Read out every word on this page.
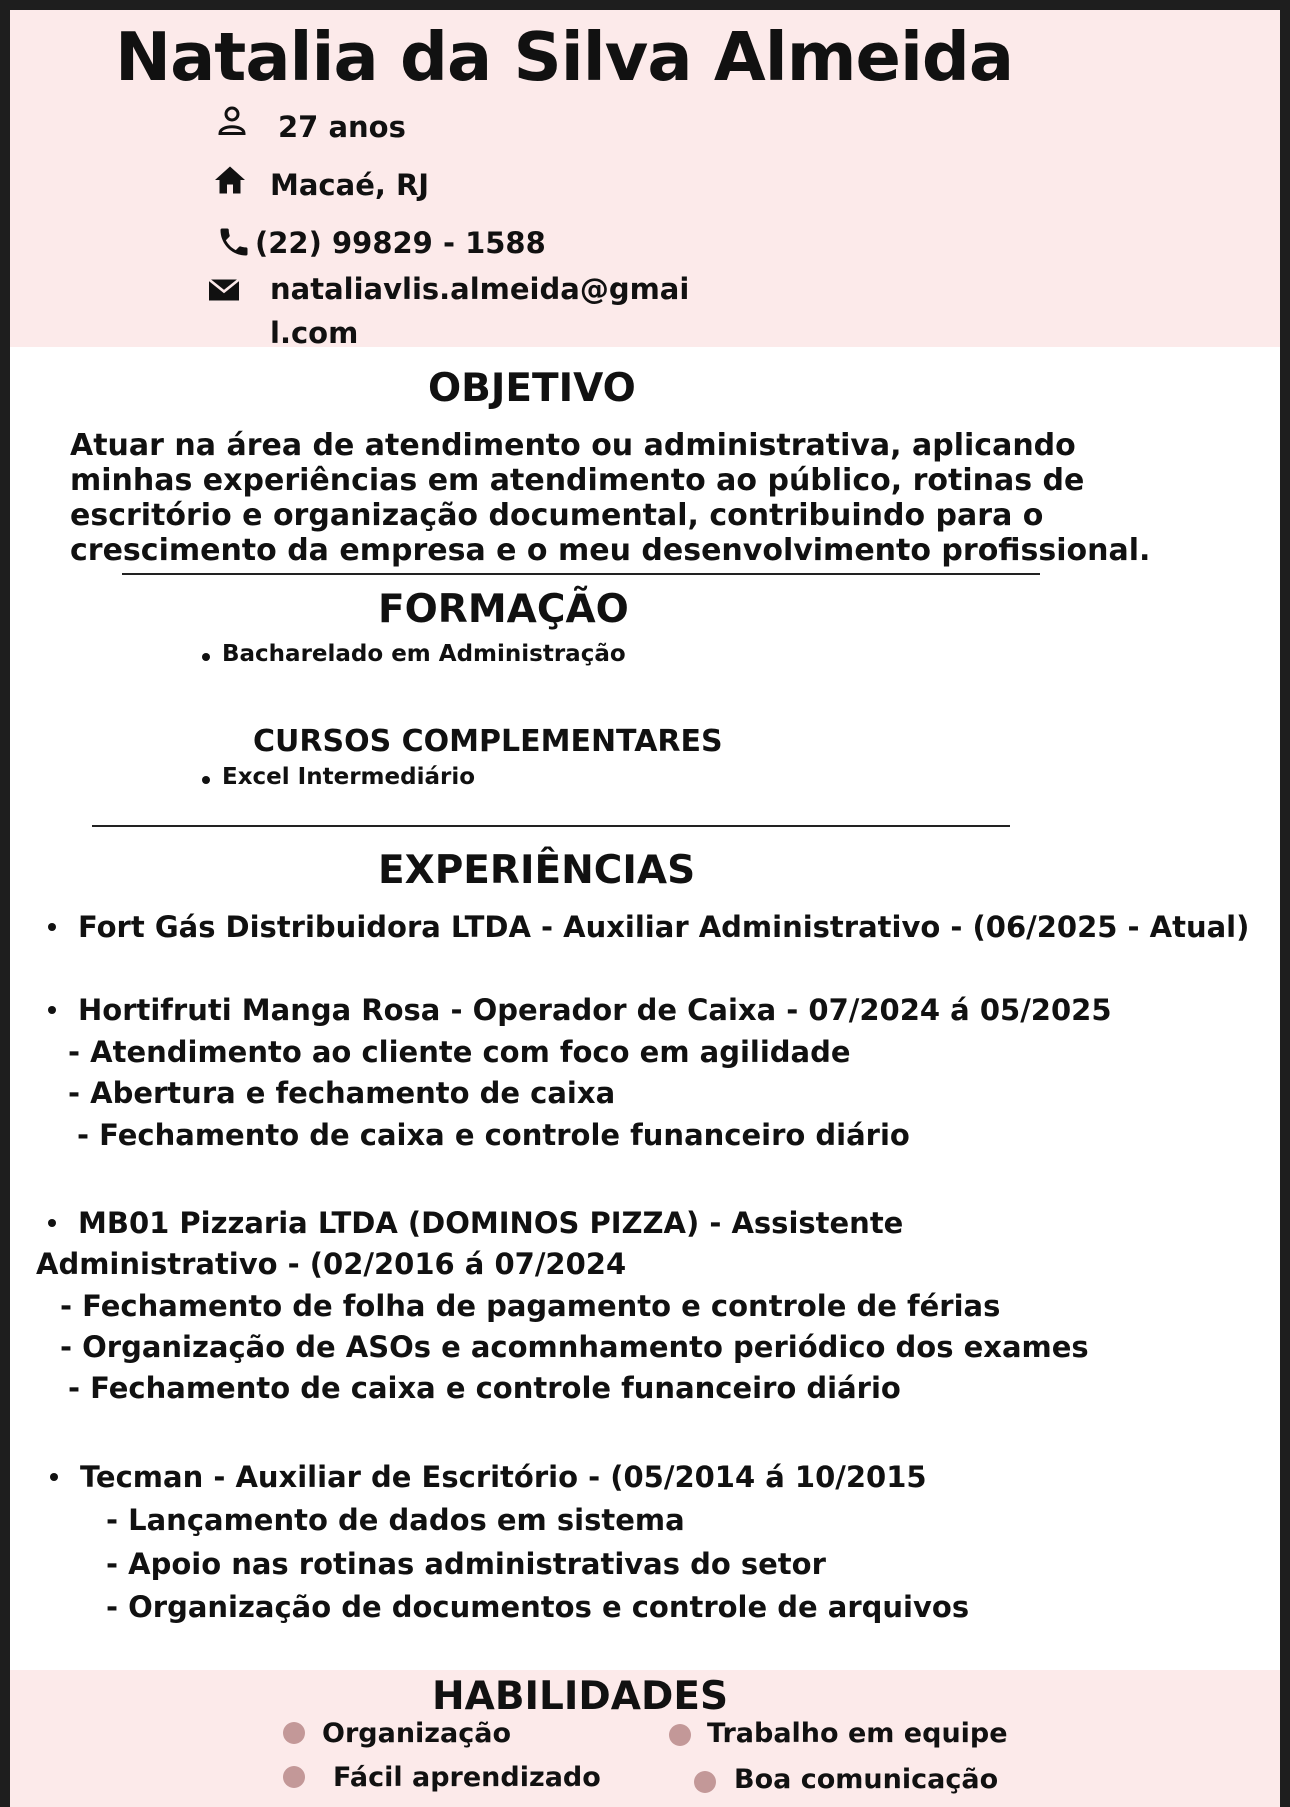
Natalia da Silva Almeida
27 anos
Macaé, RJ
(22) 99829 - 1588
nataliavlis.almeida@gmai
l.com
OBJETIVO
Atuar na área de atendimento ou administrativa, aplicando
minhas experiências em atendimento ao público, rotinas de
escritório e organização documental, contribuindo para o
crescimento da empresa e o meu desenvolvimento profissional.
FORMAÇÃO
Bacharelado em Administração
CURSOS COMPLEMENTARES
Excel Intermediário
EXPERIÊNCIAS
Fort Gás Distribuidora LTDA - Auxiliar Administrativo - (06/2025 - Atual)
Hortifruti Manga Rosa - Operador de Caixa - 07/2024 á 05/2025
- Atendimento ao cliente com foco em agilidade
- Abertura e fechamento de caixa
- Fechamento de caixa e controle funanceiro diário
MB01 Pizzaria LTDA (DOMINOS PIZZA) - Assistente
Administrativo - (02/2016 á 07/2024
- Fechamento de folha de pagamento e controle de férias
- Organização de ASOs e acomnhamento periódico dos exames
- Fechamento de caixa e controle funanceiro diário
Tecman - Auxiliar de Escritório - (05/2014 á 10/2015
- Lançamento de dados em sistema
- Apoio nas rotinas administrativas do setor
- Organização de documentos e controle de arquivos
HABILIDADES
Organização	Trabalho em equipe
Fácil aprendizado	Boa comunicação
